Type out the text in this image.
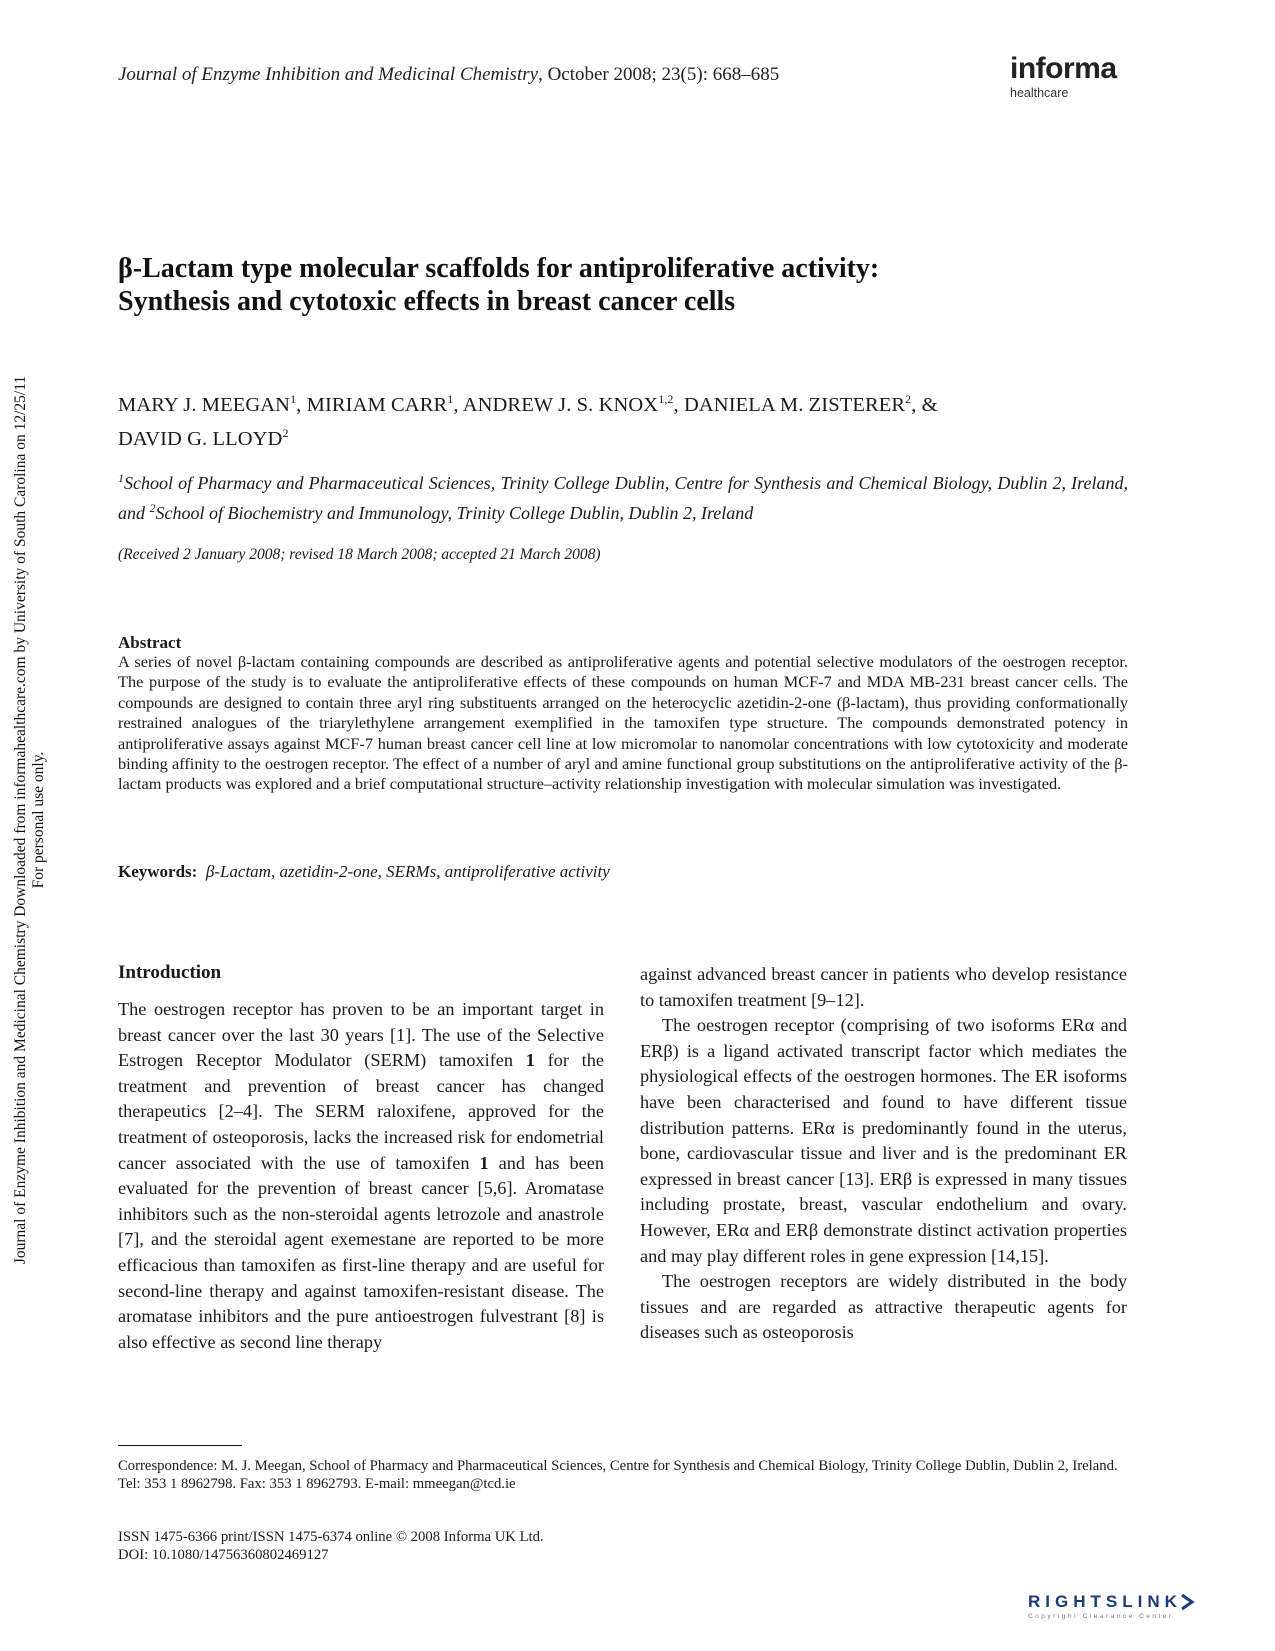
Journal of Enzyme Inhibition and Medicinal Chemistry, October 2008; 23(5): 668–685	informa
healthcare
Journal of Enzyme Inhibition and Medicinal Chemistry Downloaded from informahealthcare.com by University of South Carolina on 12/25/11 For personal use only.
β-Lactam type molecular scaffolds for antiproliferative activity:
Synthesis and cytotoxic effects in breast cancer cells
MARY J. MEEGAN$^1$, MIRIAM CARR$^1$, ANDREW J. S. KNOX$^{1,2}$, DANIELA M. ZISTERER$^2$, &
DAVID G. LLOYD$^2$
$^1$School of Pharmacy and Pharmaceutical Sciences, Trinity College Dublin, Centre for Synthesis and Chemical Biology, Dublin 2, Ireland, and $^2$School of Biochemistry and Immunology, Trinity College Dublin, Dublin 2, Ireland
(Received 2 January 2008; revised 18 March 2008; accepted 21 March 2008)
Abstract
A series of novel β-lactam containing compounds are described as antiproliferative agents and potential selective modulators of the oestrogen receptor. The purpose of the study is to evaluate the antiproliferative effects of these compounds on human MCF-7 and MDA MB-231 breast cancer cells. The compounds are designed to contain three aryl ring substituents arranged on the heterocyclic azetidin-2-one (β-lactam), thus providing conformationally restrained analogues of the triarylethylene arrangement exemplified in the tamoxifen type structure. The compounds demonstrated potency in antiproliferative assays against MCF-7 human breast cancer cell line at low micromolar to nanomolar concentrations with low cytotoxicity and moderate binding affinity to the oestrogen receptor. The effect of a number of aryl and amine functional group substitutions on the antiproliferative activity of the β-lactam products was explored and a brief computational structure–activity relationship investigation with molecular simulation was investigated.
Keywords: β-Lactam, azetidin-2-one, SERMs, antiproliferative activity
Introduction

The oestrogen receptor has proven to be an important target in breast cancer over the last 30 years [1]. The use of the Selective Estrogen Receptor Modulator (SERM) tamoxifen 1 for the treatment and prevention of breast cancer has changed therapeutics [2–4]. The SERM raloxifene, approved for the treatment of osteoporosis, lacks the increased risk for endometrial cancer associated with the use of tamoxifen 1 and has been evaluated for the prevention of breast cancer [5,6]. Aromatase inhibitors such as the non-steroidal agents letrozole and anastrole [7], and the steroidal agent exemestane are reported to be more efficacious than tamoxifen as first-line therapy and are useful for second-line therapy and against tamoxifen-resistant disease. The aromatase inhibitors and the pure antioestrogen fulvestrant [8] is also effective as second line therapy

against advanced breast cancer in patients who develop resistance to tamoxifen treatment [9–12].

The oestrogen receptor (comprising of two isoforms ERα and ERβ) is a ligand activated transcript factor which mediates the physiological effects of the oestrogen hormones. The ER isoforms have been characterised and found to have different tissue distribution patterns. ERα is predominantly found in the uterus, bone, cardiovascular tissue and liver and is the predominant ER expressed in breast cancer [13]. ERβ is expressed in many tissues including prostate, breast, vascular endothelium and ovary. However, ERα and ERβ demonstrate distinct activation properties and may play different roles in gene expression [14,15].

The oestrogen receptors are widely distributed in the body tissues and are regarded as attractive therapeutic agents for diseases such as osteoporosis

Correspondence: M. J. Meegan, School of Pharmacy and Pharmaceutical Sciences, Centre for Synthesis and Chemical Biology, Trinity College Dublin, Dublin 2, Ireland. Tel: 353 1 8962798. Fax: 353 1 8962793. E-mail: mmeegan@tcd.ie
ISSN 1475-6366 print/ISSN 1475-6374 online © 2008 Informa UK Ltd.
DOI: 10.1080/14756360802469127
RIGHTSLINK
Copyright Clearance Center
